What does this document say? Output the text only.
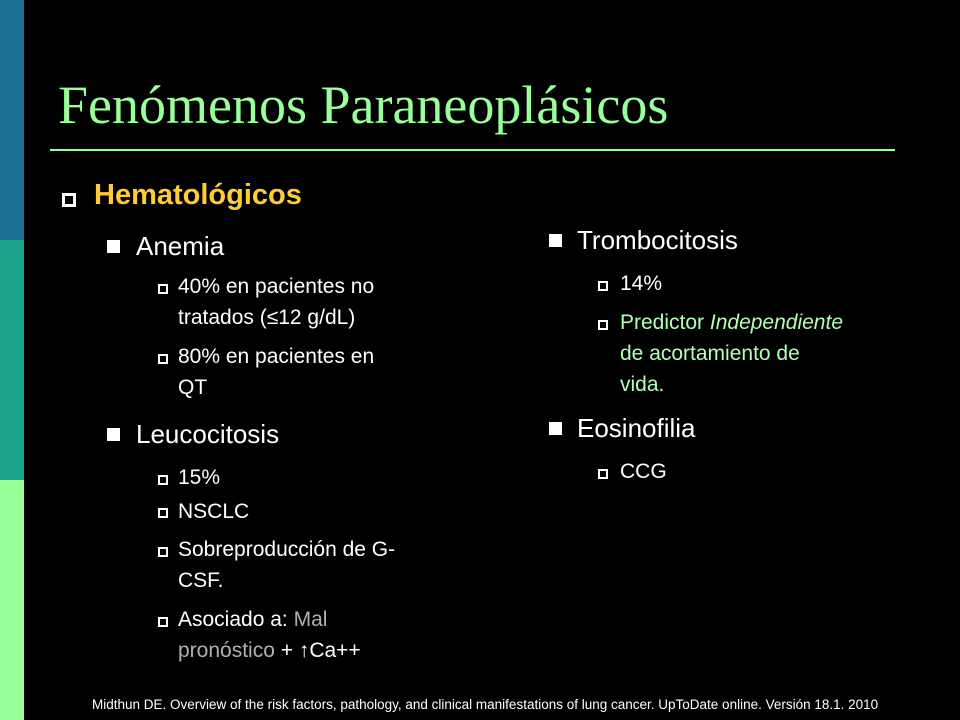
Fenómenos Paraneoplásicos
Hematológicos
Anemia
40% en pacientes no
tratados (≤12 g/dL)
80% en pacientes en
QT
Leucocitosis
15%
NSCLC
Sobreproducción de G-
CSF.
Asociado a: Mal
pronóstico + ↑Ca++
Trombocitosis
14%
Predictor Independiente
de acortamiento de
vida.
Eosinofilia
CCG
Midthun DE. Overview of the risk factors, pathology, and clinical manifestations of lung cancer. UpToDate online. Versión 18.1. 2010
